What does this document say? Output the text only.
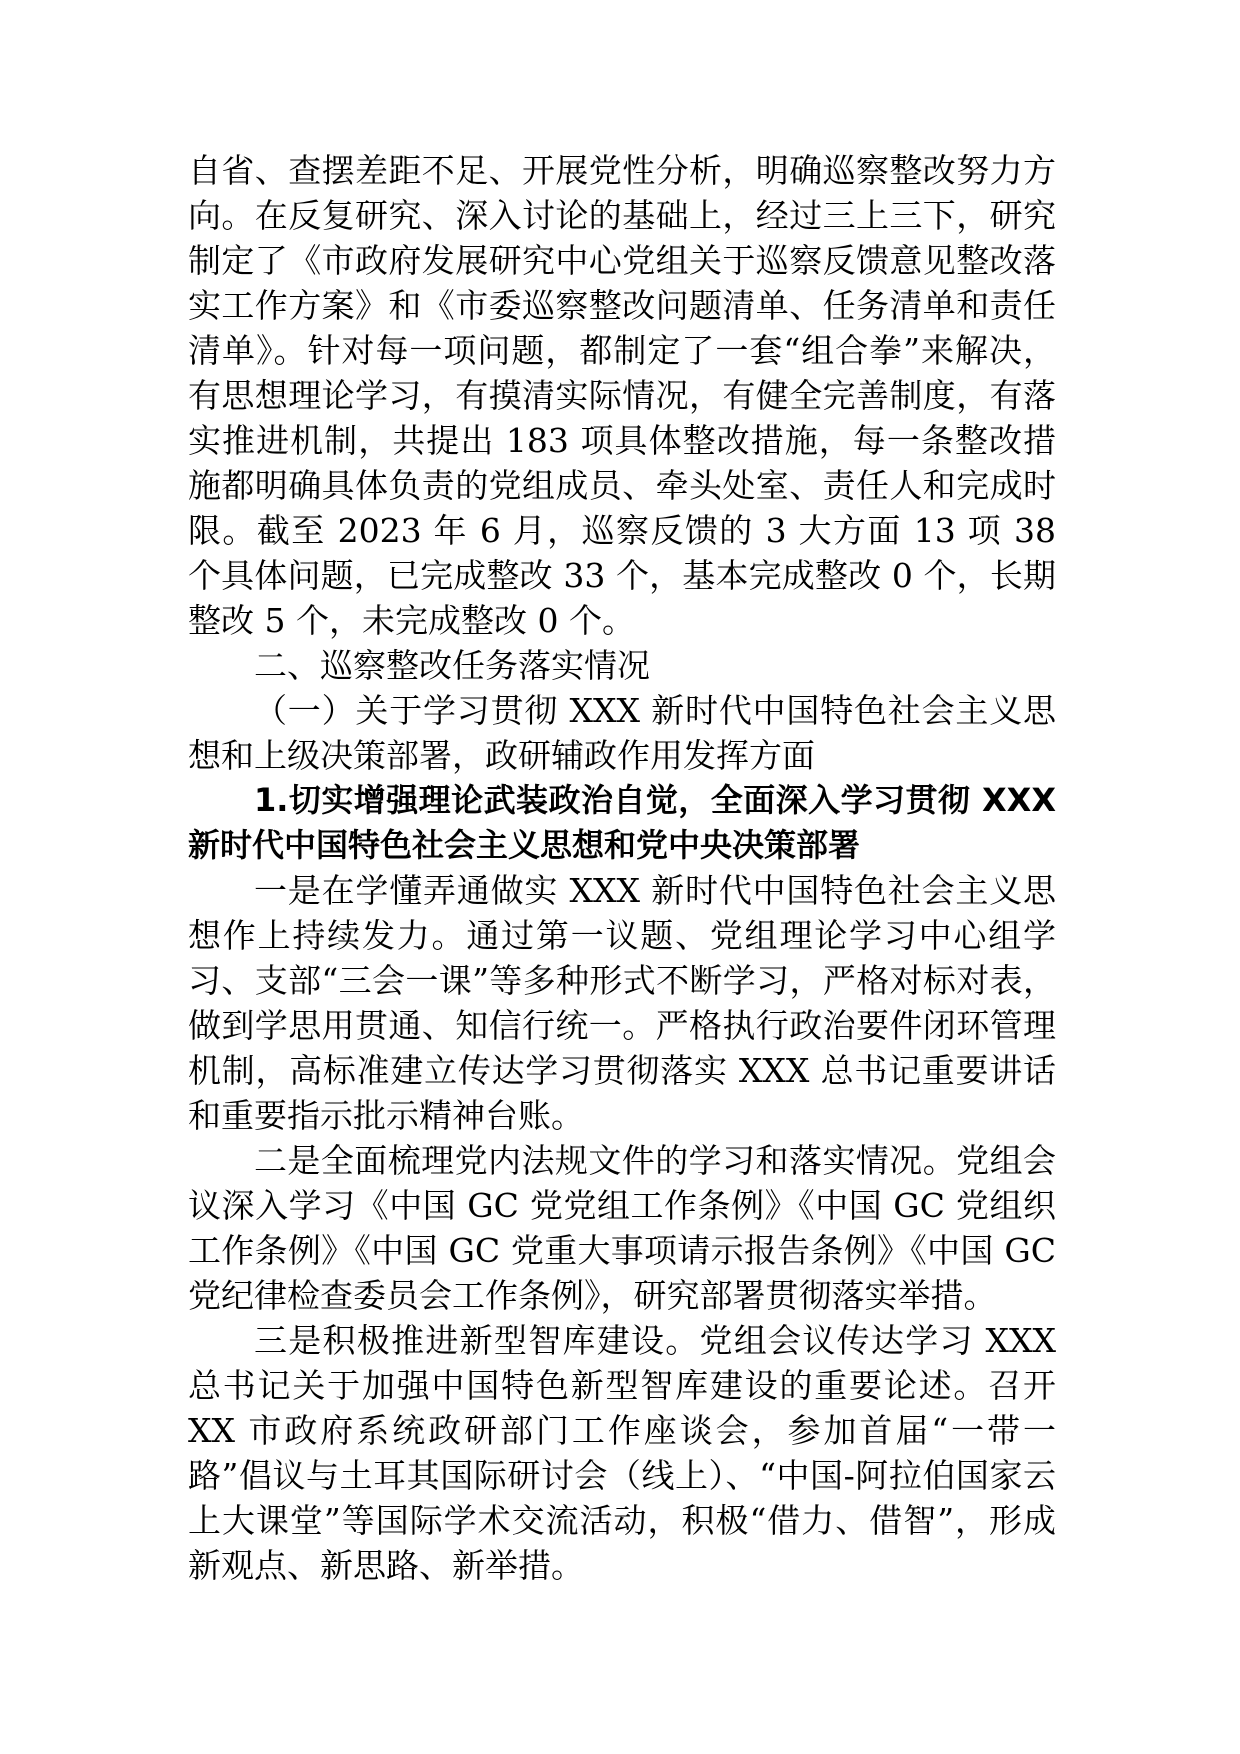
自省、查摆差距不足、开展党性分析，明确巡察整改努力方向。在反复研究、深入讨论的基础上，经过三上三下，研究制定了《市政府发展研究中心党组关于巡察反馈意见整改落实工作方案》和《市委巡察整改问题清单、任务清单和责任清单》。针对每一项问题，都制定了一套“组合拳”来解决，有思想理论学习，有摸清实际情况，有健全完善制度，有落实推进机制，共提出 183 项具体整改措施，每一条整改措施都明确具体负责的党组成员、牵头处室、责任人和完成时限。截至 2023 年 6 月，巡察反馈的 3 大方面 13 项 38 个具体问题，已完成整改 33 个，基本完成整改 0 个，长期整改 5 个，未完成整改 0 个。

二、巡察整改任务落实情况

（一）关于学习贯彻 XXX 新时代中国特色社会主义思想和上级决策部署，政研辅政作用发挥方面

1.切实增强理论武装政治自觉，全面深入学习贯彻 XXX 新时代中国特色社会主义思想和党中央决策部署

一是在学懂弄通做实 XXX 新时代中国特色社会主义思想作上持续发力。通过第一议题、党组理论学习中心组学习、支部“三会一课”等多种形式不断学习，严格对标对表，做到学思用贯通、知信行统一。严格执行政治要件闭环管理机制，高标准建立传达学习贯彻落实 XXX 总书记重要讲话和重要指示批示精神台账。

二是全面梳理党内法规文件的学习和落实情况。党组会议深入学习《中国 GC 党党组工作条例》《中国 GC 党组织工作条例》《中国 GC 党重大事项请示报告条例》《中国 GC 党纪律检查委员会工作条例》，研究部署贯彻落实举措。

三是积极推进新型智库建设。党组会议传达学习 XXX 总书记关于加强中国特色新型智库建设的重要论述。召开 XX 市政府系统政研部门工作座谈会，参加首届“一带一路”倡议与土耳其国际研讨会（线上）、“中国-阿拉伯国家云上大课堂”等国际学术交流活动，积极“借力、借智”，形成新观点、新思路、新举措。
